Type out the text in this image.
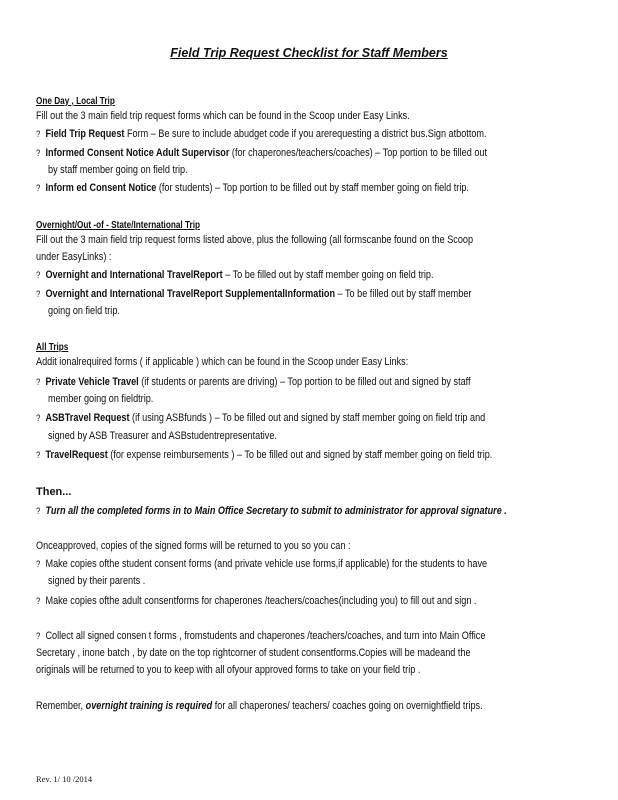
Field Trip Request Checklist for Staff Members
One Day , Local Trip
Fill out the 3 main field trip request forms which can be found in the Scoop under Easy Links.
? Field Trip Request Form – Be sure to include abudget code if you arerequesting a district bus.Sign atbottom.
? Informed Consent Notice Adult Supervisor (for chaperones/teachers/coaches) – Top portion to be filled out
by staff member going on field trip.
? Inform ed Consent Notice (for students) – Top portion to be filled out by staff member going on field trip.
Overnight/Out -of - State/International Trip
Fill out the 3 main field trip request forms listed above, plus the following (all formscanbe found on the Scoop
under EasyLinks) :
? Overnight and International TravelReport – To be filled out by staff member going on field trip.
? Overnight and International TravelReport SupplementalInformation – To be filled out by staff member
going on field trip.
All Trips
Addit ionalrequired forms ( if applicable ) which can be found in the Scoop under Easy Links:
? Private Vehicle Travel (if students or parents are driving) – Top portion to be filled out and signed by staff
member going on fieldtrip.
? ASBTravel Request (if using ASBfunds ) – To be filled out and signed by staff member going on field trip and
signed by ASB Treasurer and ASBstudentrepresentative.
? TravelRequest (for expense reimbursements ) – To be filled out and signed by staff member going on field trip.
Then...
? Turn all the completed forms in to Main Office Secretary to submit to administrator for approval signature .
Onceapproved, copies of the signed forms will be returned to you so you can :
? Make copies ofthe student consent forms (and private vehicle use forms,if applicable) for the students to have
signed by their parents .
? Make copies ofthe adult consentforms for chaperones /teachers/coaches(including you) to fill out and sign .
? Collect all signed consen t forms , fromstudents and chaperones /teachers/coaches, and turn into Main Office
Secretary , inone batch , by date on the top rightcorner of student consentforms.Copies will be madeand the
originals will be returned to you to keep with all ofyour approved forms to take on your field trip .
Remember, overnight training is required for all chaperones/ teachers/ coaches going on overnightfield trips.
Rev. 1/ 10 /2014
